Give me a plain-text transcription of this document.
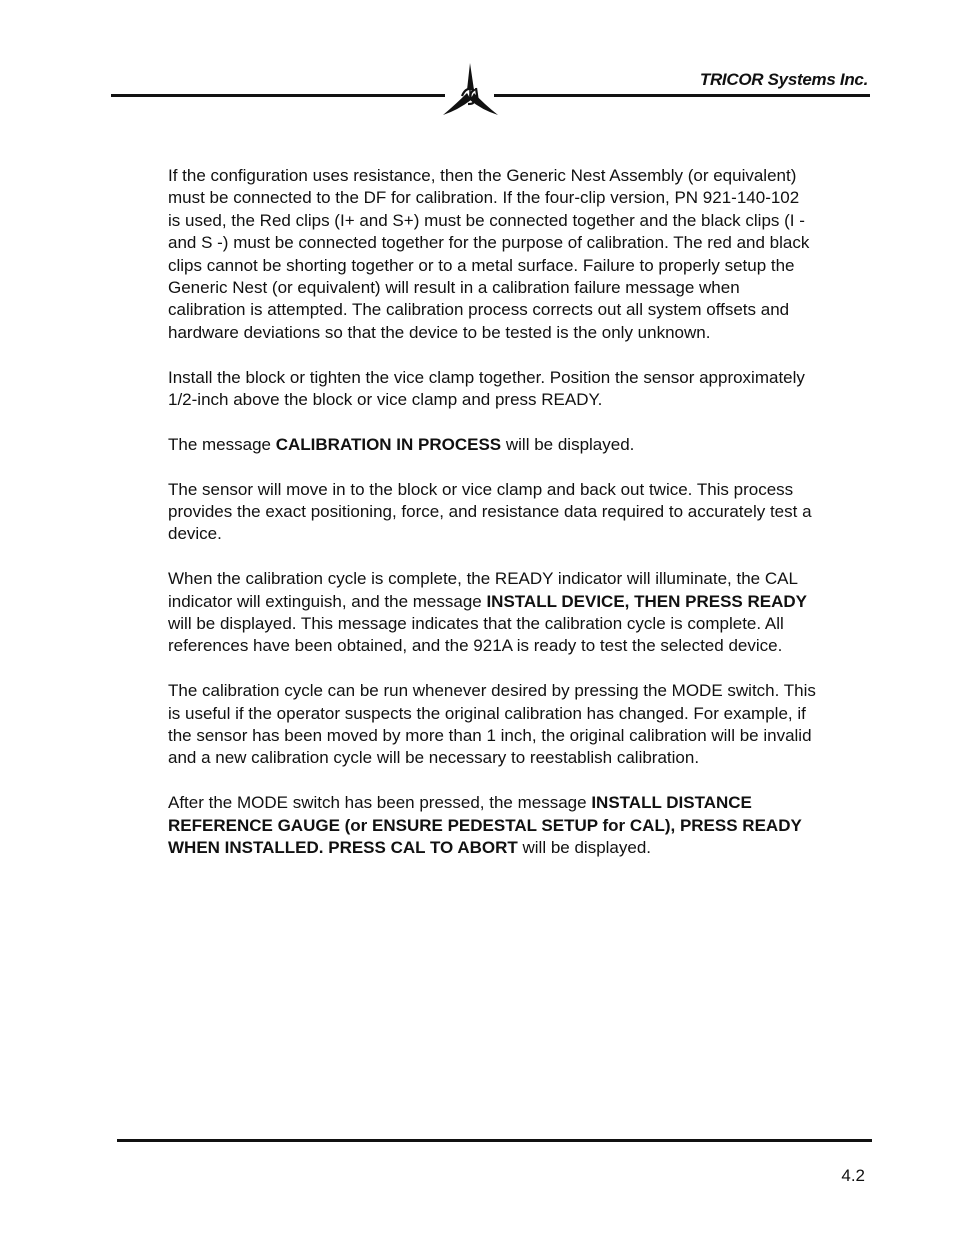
TRICOR Systems Inc.

If the configuration uses resistance, then the Generic Nest Assembly (or equivalent) must be connected to the DF for calibration. If the four-clip version, PN 921-140-102 is used, the Red clips (I+ and S+) must be connected together and the black clips (I - and S -) must be connected together for the purpose of calibration. The red and black clips cannot be shorting together or to a metal surface. Failure to properly setup the Generic Nest (or equivalent) will result in a calibration failure message when calibration is attempted. The calibration process corrects out all system offsets and hardware deviations so that the device to be tested is the only unknown.

Install the block or tighten the vice clamp together. Position the sensor approximately 1/2-inch above the block or vice clamp and press READY.

The message CALIBRATION IN PROCESS will be displayed.

The sensor will move in to the block or vice clamp and back out twice. This process provides the exact positioning, force, and resistance data required to accurately test a device.

When the calibration cycle is complete, the READY indicator will illuminate, the CAL indicator will extinguish, and the message INSTALL DEVICE, THEN PRESS READY will be displayed. This message indicates that the calibration cycle is complete. All references have been obtained, and the 921A is ready to test the selected device.

The calibration cycle can be run whenever desired by pressing the MODE switch. This is useful if the operator suspects the original calibration has changed. For example, if the sensor has been moved by more than 1 inch, the original calibration will be invalid and a new calibration cycle will be necessary to reestablish calibration.

After the MODE switch has been pressed, the message INSTALL DISTANCE REFERENCE GAUGE (or ENSURE PEDESTAL SETUP for CAL), PRESS READY WHEN INSTALLED. PRESS CAL TO ABORT will be displayed.

4.2
